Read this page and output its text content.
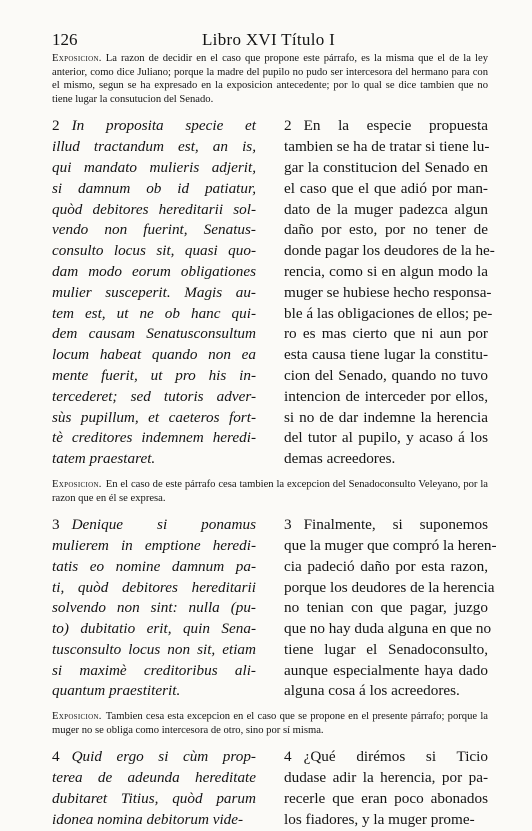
126	Libro XVI Título I
Exposicion. La razon de decidir en el caso que propone este párrafo, es la misma que el de la ley anterior, como dice Juliano; porque la madre del pupilo no pudo ser intercesora del hermano para con el mismo, segun se ha expresado en la exposicion antecedente; por lo qual se dice tambien que no tiene lugar la consutucion del Senado.
2 In proposita specie et
illud tractandum est, an is,
qui mandato mulieris adjerit,
si damnum ob id patiatur,
quòd debitores hereditarii sol-
vendo non fuerint, Senatus-
consulto locus sit, quasi quo-
dam modo eorum obligationes
mulier susceperit. Magis au-
tem est, ut ne ob hanc qui-
dem causam Senatusconsultum
locum habeat quando non ea
mente fuerit, ut pro his in-
tercederet; sed tutoris adver-
sùs pupillum, et caeteros fort-
tè creditores indemnem heredi-
tatem praestaret.
2 En la especie propuesta
tambien se ha de tratar si tiene lu-
gar la constitucion del Senado en
el caso que el que adió por man-
dato de la muger padezca algun
daño por esto, por no tener de
donde pagar los deudores de la he-
rencia, como si en algun modo la
muger se hubiese hecho responsa-
ble á las obligaciones de ellos; pe-
ro es mas cierto que ni aun por
esta causa tiene lugar la constitu-
cion del Senado, quando no tuvo
intencion de interceder por ellos,
si no de dar indemne la herencia
del tutor al pupilo, y acaso á los
demas acreedores.
Exposicion. En el caso de este párrafo cesa tambien la excepcion del Senadoconsulto Veleyano, por la razon que en él se expresa.
3 Denique si ponamus
mulierem in emptione heredi-
tatis eo nomine damnum pa-
ti, quòd debitores hereditarii
solvendo non sint: nulla (pu-
to) dubitatio erit, quin Sena-
tusconsulto locus non sit, etiam
si maximè creditoribus ali-
quantum praestiterit.
3 Finalmente, si suponemos
que la muger que compró la heren-
cia padeció daño por esta razon,
porque los deudores de la herencia
no tenian con que pagar, juzgo
que no hay duda alguna en que no
tiene lugar el Senadoconsulto,
aunque especialmente haya dado
alguna cosa á los acreedores.
Exposicion. Tambien cesa esta excepcion en el caso que se propone en el presente párrafo; porque la muger no se obliga como intercesora de otro, sino por sí misma.
4 Quid ergo si cùm prop-
terea de adeunda hereditate
dubitaret Titius, quòd parum
idonea nomina debitorum vide-
4 ¿Qué dirémos si Ticio
dudase adir la herencia, por pa-
recerle que eran poco abonados
los fiadores, y la muger prome-
